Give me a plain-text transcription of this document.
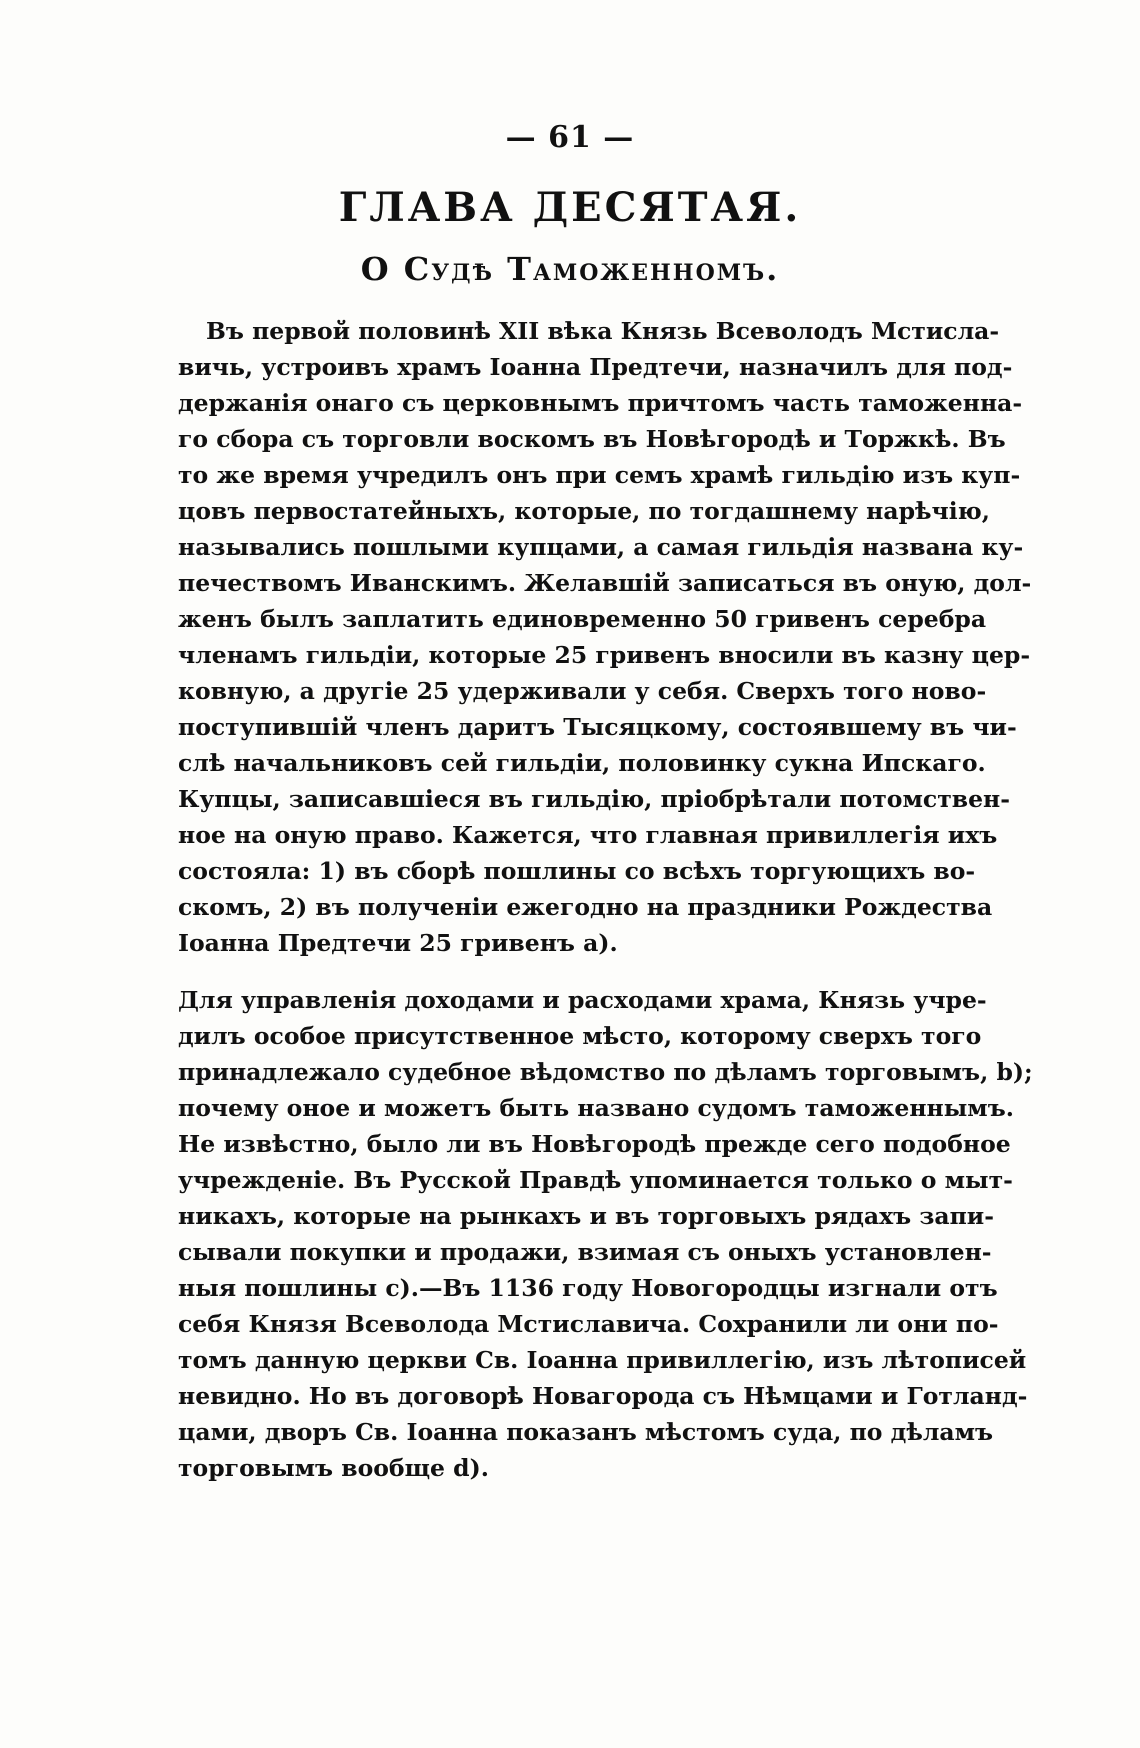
— 61 —
ГЛАВА ДЕСЯТАЯ.
О Судѣ Таможенномъ.
Въ первой половинѣ XII вѣка Князь Всеволодъ Мстисла-
вичь, устроивъ храмъ Іоанна Предтечи, назначилъ для под-
держанія онаго съ церковнымъ причтомъ часть таможенна-
го сбора съ торговли воскомъ въ Новѣгородѣ и Торжкѣ. Въ
то же время учредилъ онъ при семъ храмѣ гильдію изъ куп-
цовъ первостатейныхъ, которые, по тогдашнему нарѣчію,
назывались пошлыми купцами, а самая гильдія названа ку-
печествомъ Иванскимъ. Желавшій записаться въ оную, дол-
женъ былъ заплатить единовременно 50 гривенъ серебра
членамъ гильдіи, которые 25 гривенъ вносили въ казну цер-
ковную, а другіе 25 удерживали у себя. Сверхъ того ново-
поступившій членъ даритъ Тысяцкому, состоявшему въ чи-
слѣ начальниковъ сей гильдіи, половинку сукна Ипскаго.
Купцы, записавшіеся въ гильдію, пріобрѣтали потомствен-
ное на оную право. Кажется, что главная привиллегія ихъ
состояла: 1) въ сборѣ пошлины со всѣхъ торгующихъ во-
скомъ, 2) въ полученіи ежегодно на праздники Рождества
Іоанна Предтечи 25 гривенъ a).
Для управленія доходами и расходами храма, Князь учре-
дилъ особое присутственное мѣсто, которому сверхъ того
принадлежало судебное вѣдомство по дѣламъ торговымъ, b);
почему оное и можетъ быть названо судомъ таможеннымъ.
Не извѣстно, было ли въ Новѣгородѣ прежде сего подобное
учрежденіе. Въ Русской Правдѣ упоминается только о мыт-
никахъ, которые на рынкахъ и въ торговыхъ рядахъ запи-
сывали покупки и продажи, взимая съ оныхъ установлен-
ныя пошлины c).—Въ 1136 году Новогородцы изгнали отъ
себя Князя Всеволода Мстиславича. Сохранили ли они по-
томъ данную церкви Св. Іоанна привиллегію, изъ лѣтописей
невидно. Но въ договорѣ Новагорода съ Нѣмцами и Готланд-
цами, дворъ Св. Іоанна показанъ мѣстомъ суда, по дѣламъ
торговымъ вообще d).
